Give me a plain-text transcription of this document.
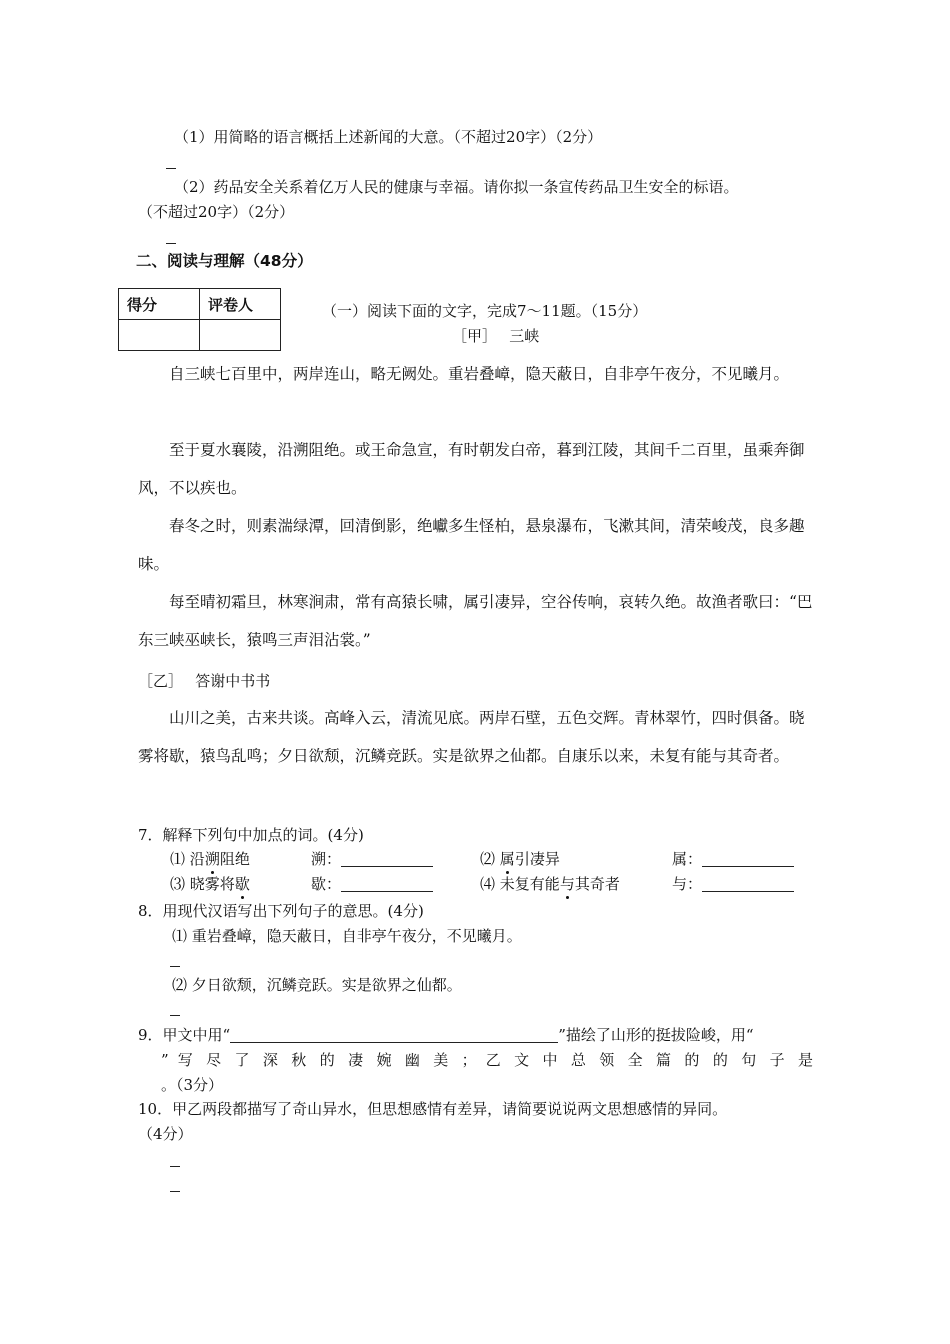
（1）用简略的语言概括上述新闻的大意。（不超过20字）（2分）
（2）药品安全关系着亿万人民的健康与幸福。请你拟一条宣传药品卫生安全的标语。
（不超过20字）（2分）
二、阅读与理解（48分）
得分	评卷人
		（一）阅读下面的文字，完成7～11题。（15分）
［甲］　 三峡
自三峡七百里中，两岸连山，略无阙处。重岩叠嶂，隐天蔽日，自非亭午夜分，不见曦月。
至于夏水襄陵，沿溯阻绝。或王命急宣，有时朝发白帝，暮到江陵，其间千二百里，虽乘奔御风，不以疾也。
春冬之时，则素湍绿潭，回清倒影，绝巘多生怪柏，悬泉瀑布，飞漱其间，清荣峻茂，良多趣味。
每至晴初霜旦，林寒涧肃，常有高猿长啸，属引凄异，空谷传响，哀转久绝。故渔者歌曰：“巴东三峡巫峡长，猿鸣三声泪沾裳。”
［乙］　 答谢中书书
山川之美，古来共谈。高峰入云，清流见底。两岸石壁，五色交辉。青林翠竹，四时俱备。晓雾将歇，猿鸟乱鸣；夕日欲颓，沉鳞竞跃。实是欲界之仙都。自康乐以来，未复有能与其奇者。
7．解释下列句中加点的词。(4分)
⑴ 沿溯阻绝	溯：	⑵ 属引凄异	属：
⑶ 晓雾将歇	歇：	⑷ 未复有能与其奇者	与：
8．用现代汉语写出下列句子的意思。(4分)
⑴ 重岩叠嶂，隐天蔽日，自非亭午夜分，不见曦月。
⑵ 夕日欲颓，沉鳞竞跃。实是欲界之仙都。
9．甲文中用“	”描绘了山形的挺拔险峻，用“
” 写 尽 了 深 秋 的 凄 婉 幽 美 ； 乙 文 中 总 领 全 篇 的 的 句 子 是
。（3分）
10．甲乙两段都描写了奇山异水，但思想感情有差异，请简要说说两文思想感情的异同。
（4分）
